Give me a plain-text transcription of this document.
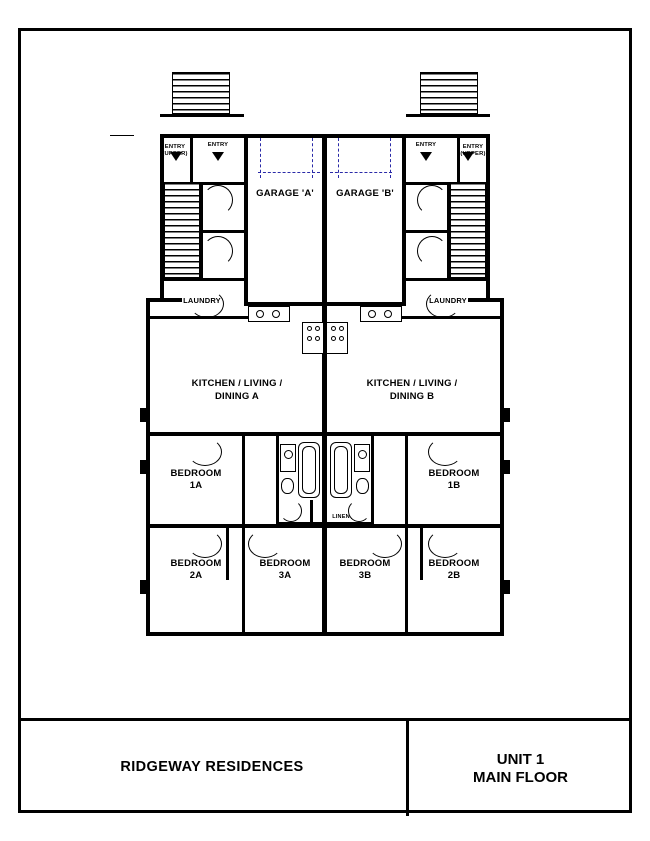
GARAGE 'A'	GARAGE 'B'
ENTRY
(UPPER)
ENTRY	ENTRY	ENTRY
(UPPER)
LAUNDRY	LAUNDRY
KITCHEN / LIVING /
DINING A
KITCHEN / LIVING /
DINING B
BEDROOM
1A
BEDROOM
1B
LINEN
BEDROOM
2A
BEDROOM
3A
BEDROOM
3B
BEDROOM
2B
RIDGEWAY RESIDENCES	UNIT 1
MAIN FLOOR
